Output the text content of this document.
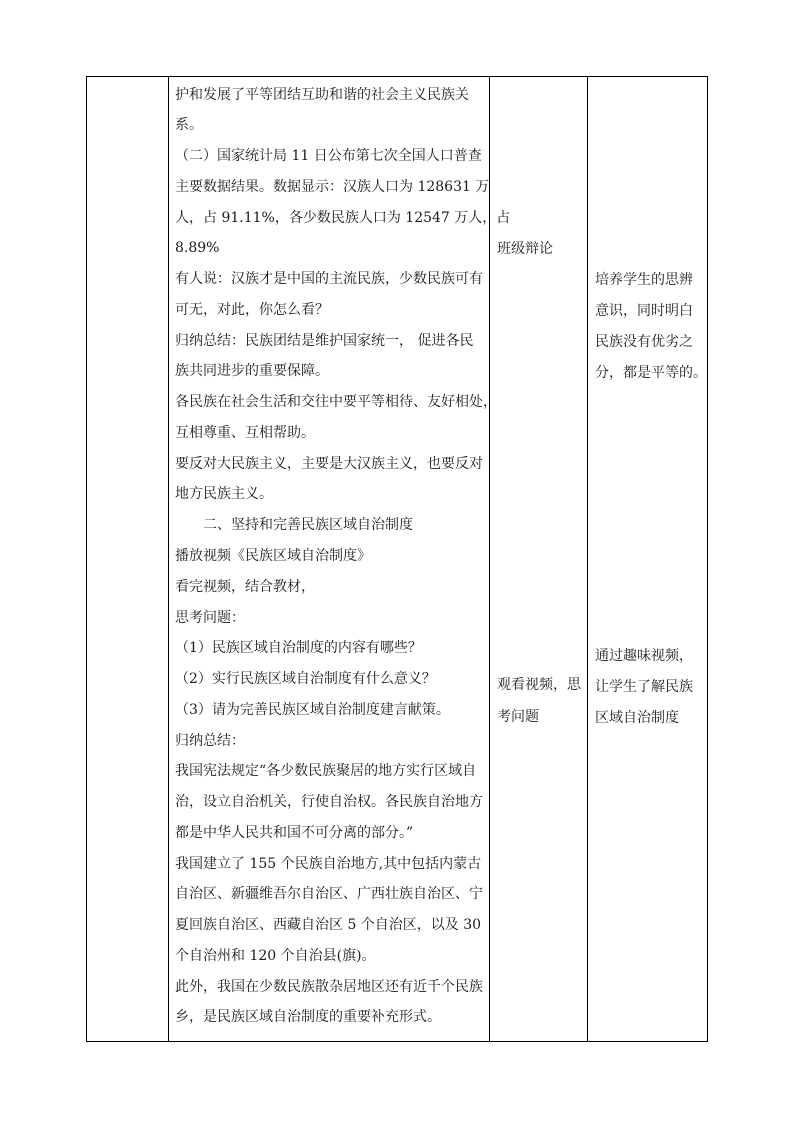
护和发展了平等团结互助和谐的社会主义民族关
系。
（二）国家统计局 11 日公布第七次全国人口普查
主要数据结果。数据显示：汉族人口为 128631 万
人，占 91.11%，各少数民族人口为 12547 万人，占
8.89%
有人说：汉族才是中国的主流民族，少数民族可有
可无，对此，你怎么看？
归纳总结：民族团结是维护国家统一， 促进各民
族共同进步的重要保障。
各民族在社会生活和交往中要平等相待、友好相处，
互相尊重、互相帮助。
要反对大民族主义，主要是大汉族主义，也要反对
地方民族主义。
二、坚持和完善民族区域自治制度
播放视频《民族区域自治制度》
看完视频，结合教材，
思考问题：
（1）民族区域自治制度的内容有哪些？
（2）实行民族区域自治制度有什么意义？
（3）请为完善民族区域自治制度建言献策。
归纳总结：
我国宪法规定“各少数民族聚居的地方实行区域自
治，设立自治机关，行使自治权。各民族自治地方
都是中华人民共和国不可分离的部分。”
我国建立了 155 个民族自治地方,其中包括内蒙古
自治区、新疆维吾尔自治区、广西壮族自治区、宁
夏回族自治区、西藏自治区 5 个自治区，以及 30
个自治州和 120 个自治县(旗)。
此外，我国在少数民族散杂居地区还有近千个民族
乡，是民族区域自治制度的重要补充形式。
班级辩论
观看视频，思
考问题
培养学生的思辨
意识，同时明白
民族没有优劣之
分，都是平等的。
通过趣味视频，
让学生了解民族
区域自治制度
